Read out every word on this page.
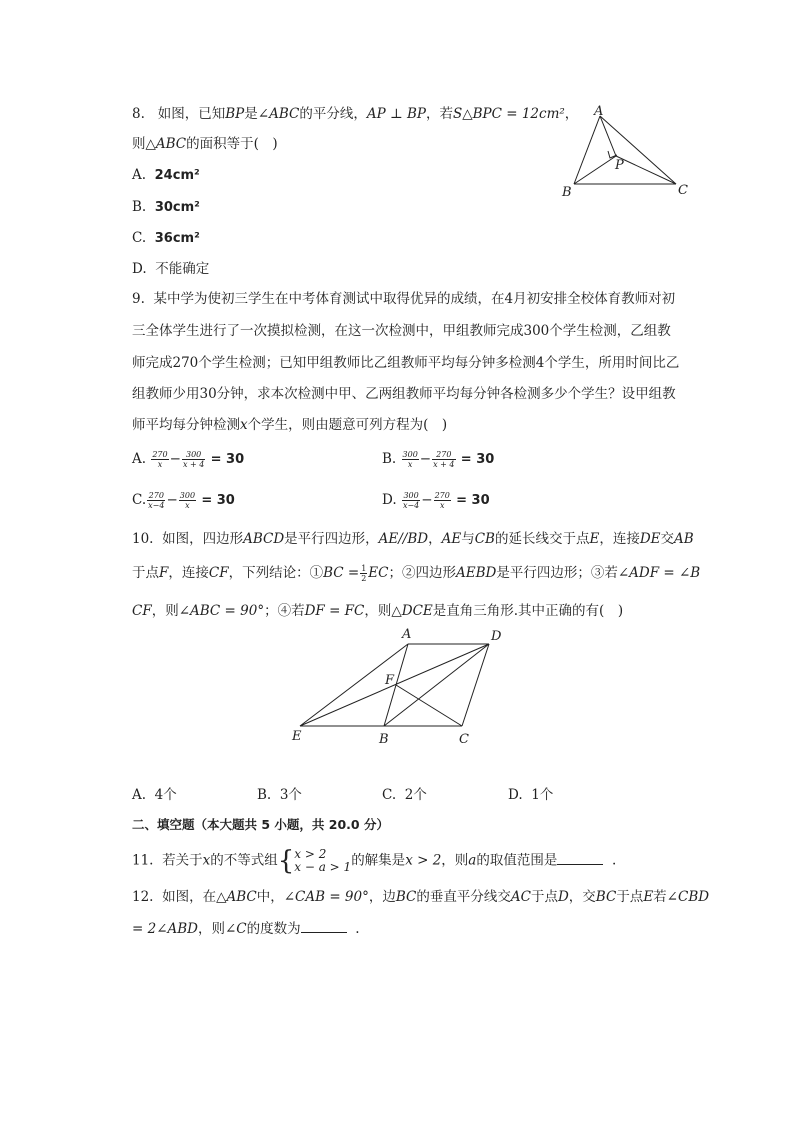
8. 如图，已知BP是∠ABC的平分线，AP ⊥ BP，若S△BPC = 12cm²，
则△ABC的面积等于(　)
A. 24cm²
B. 30cm²
C. 36cm²
D. 不能确定
A
B	C
P
9. 某中学为使初三学生在中考体育测试中取得优异的成绩，在4月初安排全校体育教师对初
三全体学生进行了一次摸拟检测，在这一次检测中，甲组教师完成300个学生检测，乙组教
师完成270个学生检测；已知甲组教师比乙组教师平均每分钟多检测4个学生，所用时间比乙
组教师少用30分钟，求本次检测中甲、乙两组教师平均每分钟各检测多少个学生？设甲组教
师平均每分钟检测x个学生，则由题意可列方程为(　)
A. $\frac{270}{x} - \frac{300}{x + 4} = 30$	B. $\frac{300}{x} - \frac{270}{x + 4} = 30$
C. $\frac{270}{x-4} - \frac{300}{x} = 30$	D. $\frac{300}{x-4} - \frac{270}{x} = 30$
10. 如图，四边形ABCD是平行四边形，AE//BD，AE与CB的延长线交于点E，连接DE交AB
于点F，连接CF，下列结论：①BC = $\frac{1}{2}$ EC；②四边形AEBD是平行四边形；③若∠ADF = ∠B
CF，则∠ABC = 90°；④若DF = FC，则△DCE是直角三角形.其中正确的有(　)
A	D
F
E	B	C
A. 4个	B. 3个	C. 2个	D. 1个
二、填空题（本大题共 5 小题，共 20.0 分）
11. 若关于x的不等式组{ x > 2
x − a > 1 的解集是x > 2，则a的取值范围是	.
12. 如图，在△ABC中，∠CAB = 90°，边BC的垂直平分线交AC于点D，交BC于点E若∠CBD
= 2∠ABD，则∠C的度数为	.
